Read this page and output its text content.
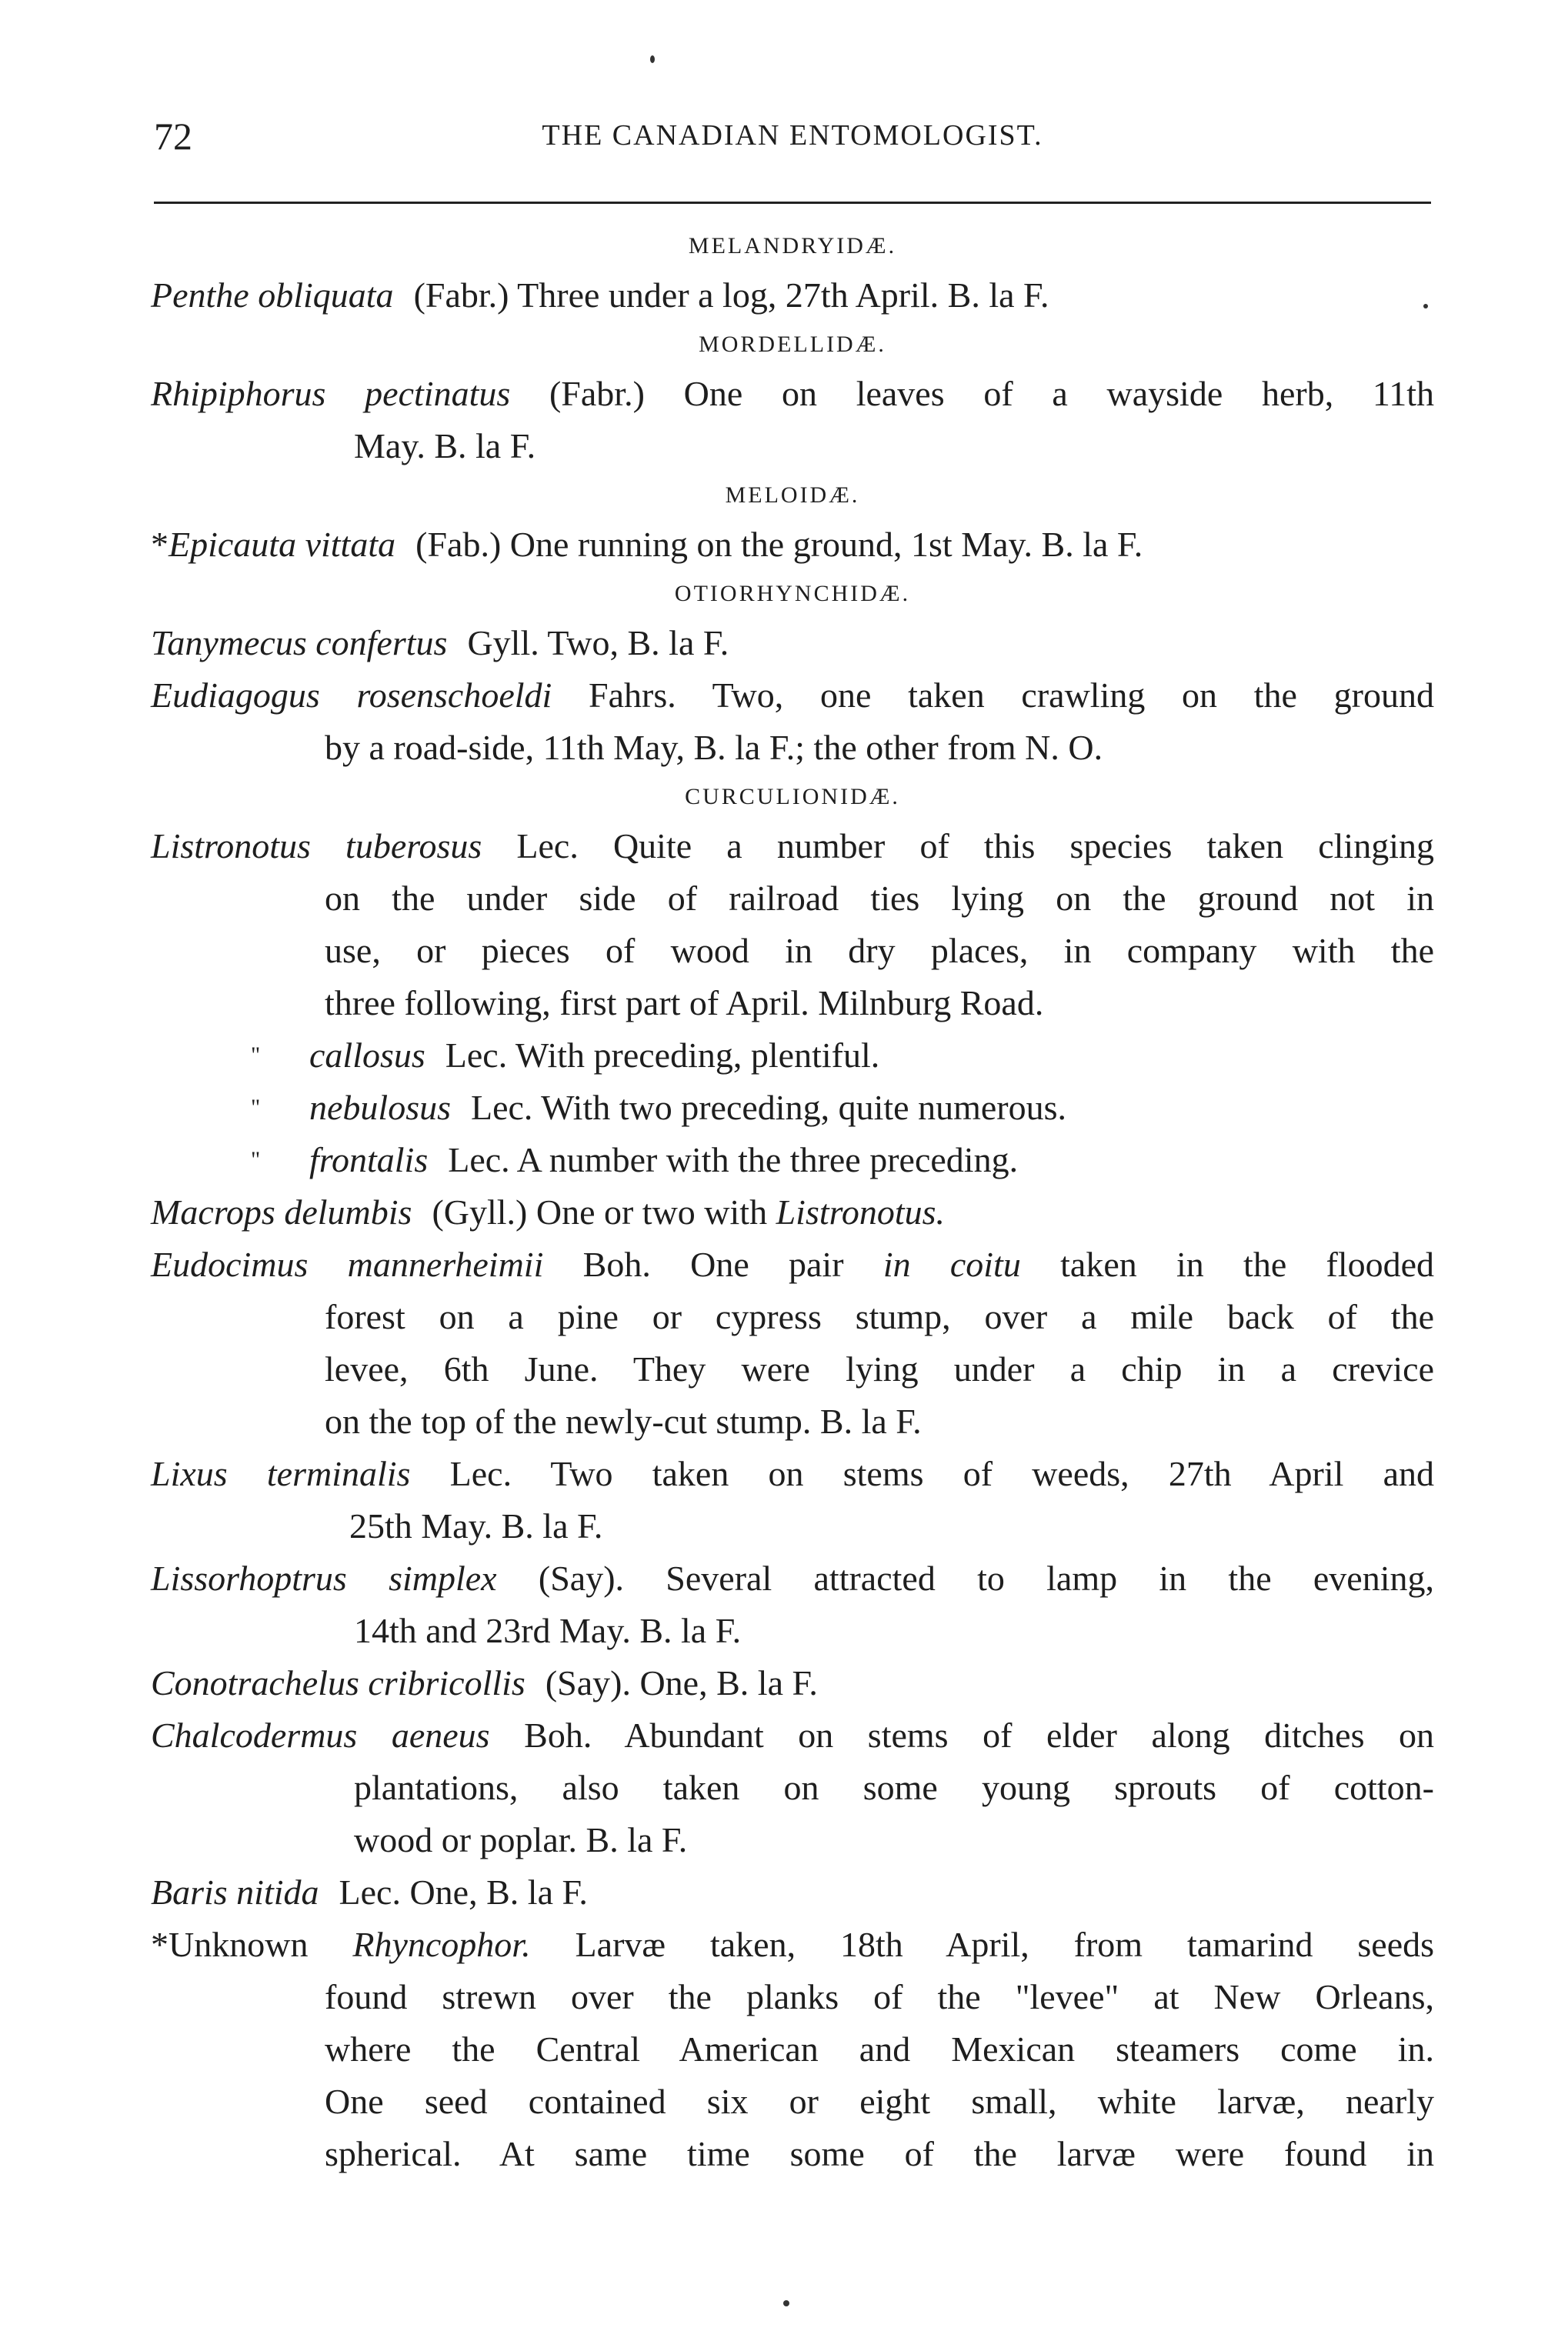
72	THE CANADIAN ENTOMOLOGIST.
MELANDRYIDÆ.
Penthe obliquata (Fabr.) Three under a log, 27th April. B. la F.
MORDELLIDÆ.
Rhipiphorus pectinatus (Fabr.) One on leaves of a wayside herb, 11th
May. B. la F.
MELOIDÆ.
*Epicauta vittata (Fab.) One running on the ground, 1st May. B. la F.
OTIORHYNCHIDÆ.
Tanymecus confertus Gyll. Two, B. la F.
Eudiagogus rosenschoeldi Fahrs. Two, one taken crawling on the ground
by a road-side, 11th May, B. la F.; the other from N. O.
CURCULIONIDÆ.
Listronotus tuberosus Lec. Quite a number of this species taken clinging
on the under side of railroad ties lying on the ground not in
use, or pieces of wood in dry places, in company with the
three following, first part of April. Milnburg Road.
" callosus Lec. With preceding, plentiful.
" nebulosus Lec. With two preceding, quite numerous.
" frontalis Lec. A number with the three preceding.
Macrops delumbis (Gyll.) One or two with Listronotus.
Eudocimus mannerheimii Boh. One pair in coitu taken in the flooded
forest on a pine or cypress stump, over a mile back of the
levee, 6th June. They were lying under a chip in a crevice
on the top of the newly-cut stump. B. la F.
Lixus terminalis Lec. Two taken on stems of weeds, 27th April and
25th May. B. la F.
Lissorhoptrus simplex (Say). Several attracted to lamp in the evening,
14th and 23rd May. B. la F.
Conotrachelus cribricollis (Say). One, B. la F.
Chalcodermus aeneus Boh. Abundant on stems of elder along ditches on
plantations, also taken on some young sprouts of cotton-
wood or poplar. B. la F.
Baris nitida Lec. One, B. la F.
*Unknown Rhyncophor. Larvæ taken, 18th April, from tamarind seeds
found strewn over the planks of the "levee" at New Orleans,
where the Central American and Mexican steamers come in.
One seed contained six or eight small, white larvæ, nearly
spherical. At same time some of the larvæ were found in
